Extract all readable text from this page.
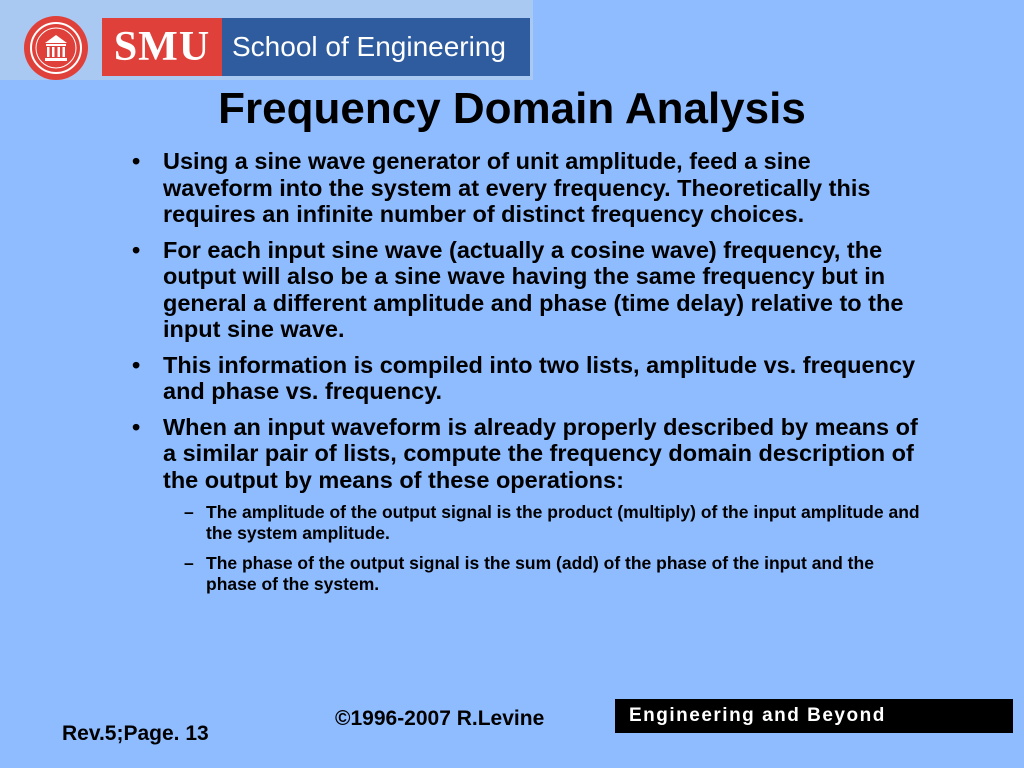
SMU School of Engineering
Frequency Domain Analysis
• Using a sine wave generator of unit amplitude, feed a sine waveform into the system at every frequency. Theoretically this requires an infinite number of distinct frequency choices.
• For each input sine wave (actually a cosine wave) frequency, the output will also be a sine wave having the same frequency but in general a different amplitude and phase (time delay) relative to the input sine wave.
• This information is compiled into two lists, amplitude vs. frequency and phase vs. frequency.
• When an input waveform is already properly described by means of a similar pair of lists, compute the frequency domain description of the output by means of these operations:
– The amplitude of the output signal is the product (multiply) of the input amplitude and the system amplitude.
– The phase of the output signal is the sum (add) of the phase of the input and the phase of the system.
©1996-2007 R.Levine	Engineering and Beyond
Rev.5;Page. 13
